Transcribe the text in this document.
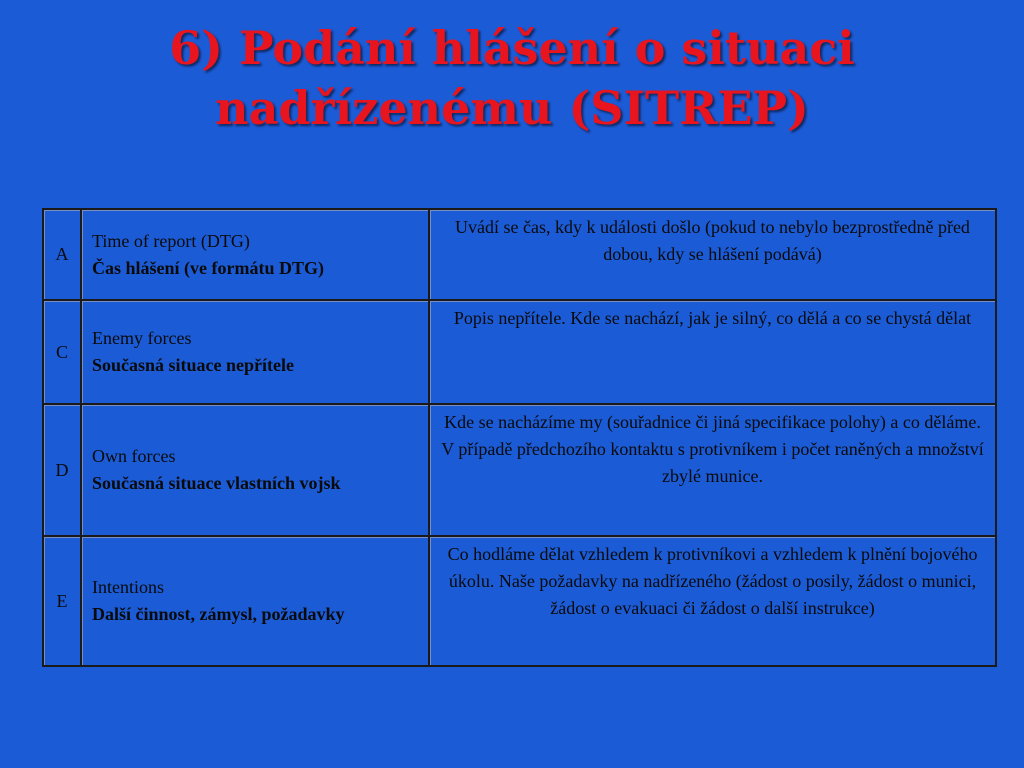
6) Podání hlášení o situaci
nadřízenému (SITREP)
A	Time of report (DTG)
Čas hlášení (ve formátu DTG)	Uvádí se čas, kdy k události došlo (pokud to nebylo bezprostředně před dobou, kdy se hlášení podává)
C	Enemy forces
Současná situace nepřítele	Popis nepřítele. Kde se nachází, jak je silný, co dělá a co se chystá dělat
D	Own forces
Současná situace vlastních vojsk	Kde se nacházíme my (souřadnice či jiná specifikace polohy) a co děláme. V případě předchozího kontaktu s protivníkem i počet raněných a množství zbylé munice.
E	Intentions
Další činnost, zámysl, požadavky	Co hodláme dělat vzhledem k protivníkovi a vzhledem k plnění bojového úkolu. Naše požadavky na nadřízeného (žádost o posily, žádost o munici, žádost o evakuaci či žádost o další instrukce)
